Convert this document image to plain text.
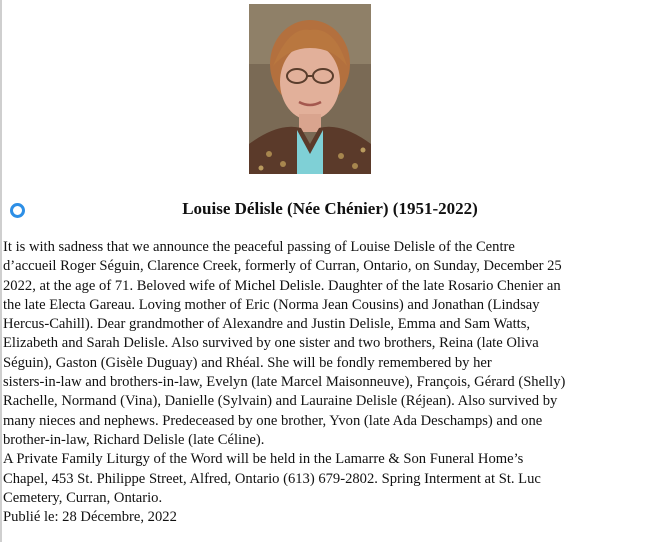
Louise Délisle (Née Chénier) (1951-2022)
It is with sadness that we announce the peaceful passing of Louise Delisle of the Centre
d’accueil Roger Séguin, Clarence Creek, formerly of Curran, Ontario, on Sunday, December 25
2022, at the age of 71. Beloved wife of Michel Delisle. Daughter of the late Rosario Chenier an
the late Electa Gareau. Loving mother of Eric (Norma Jean Cousins) and Jonathan (Lindsay
Hercus-Cahill). Dear grandmother of Alexandre and Justin Delisle, Emma and Sam Watts,
Elizabeth and Sarah Delisle. Also survived by one sister and two brothers, Reina (late Oliva
Séguin), Gaston (Gisèle Duguay) and Rhéal. She will be fondly remembered by her
sisters-in-law and brothers-in-law, Evelyn (late Marcel Maisonneuve), François, Gérard (Shelly)
Rachelle, Normand (Vina), Danielle (Sylvain) and Lauraine Delisle (Réjean). Also survived by
many nieces and nephews. Predeceased by one brother, Yvon (late Ada Deschamps) and one
brother-in-law, Richard Delisle (late Céline).
A Private Family Liturgy of the Word will be held in the Lamarre & Son Funeral Home’s
Chapel, 453 St. Philippe Street, Alfred, Ontario (613) 679-2802. Spring Interment at St. Luc
Cemetery, Curran, Ontario.
Publié le: 28 Décembre, 2022
